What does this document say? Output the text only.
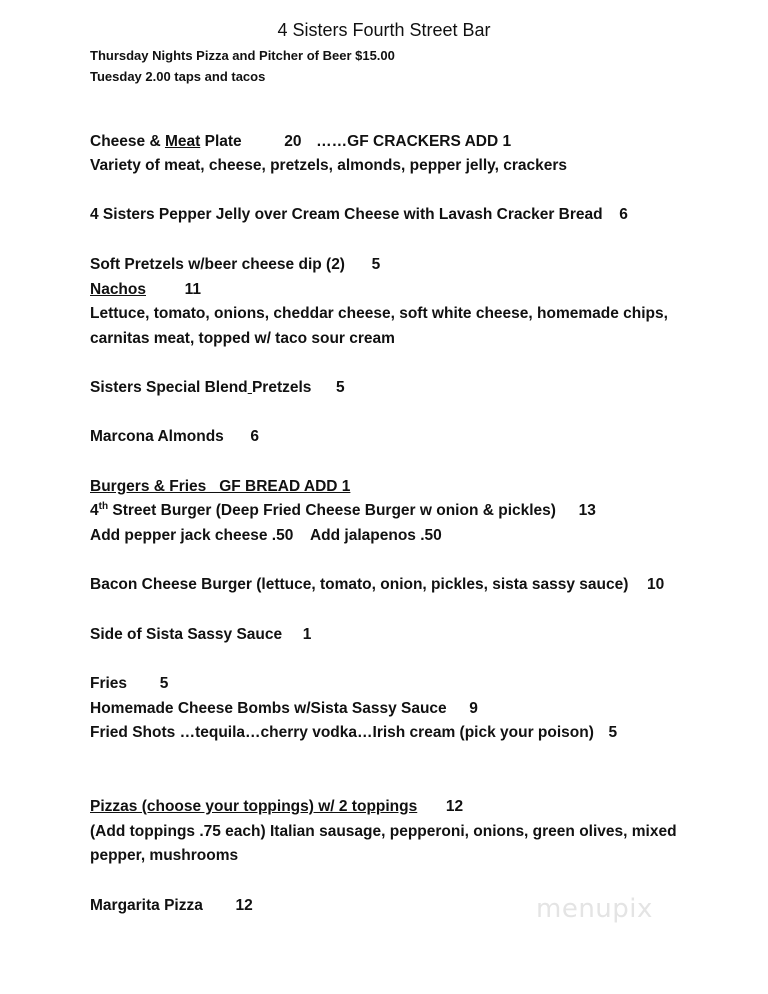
4 Sisters Fourth Street Bar
Thursday Nights Pizza and Pitcher of Beer $15.00
Tuesday 2.00 taps and tacos
Cheese & Meat Plate	20 ……GF CRACKERS ADD 1
Variety of meat, cheese, pretzels, almonds, pepper jelly, crackers
4 Sisters Pepper Jelly over Cream Cheese with Lavash Cracker Bread 6
Soft Pretzels w/beer cheese dip (2) 5
Nachos 11
Lettuce, tomato, onions, cheddar cheese, soft white cheese, homemade chips,
carnitas meat, topped w/ taco sour cream
Sisters Special Blend Pretzels 5
Marcona Almonds 6
Burgers & Fries   GF BREAD ADD 1
4th Street Burger (Deep Fried Cheese Burger w onion & pickles) 13
Add pepper jack cheese .50    Add jalapenos .50
Bacon Cheese Burger (lettuce, tomato, onion, pickles, sista sassy sauce) 10
Side of Sista Sassy Sauce 1
Fries 5
Homemade Cheese Bombs w/Sista Sassy Sauce 9
Fried Shots …tequila…cherry vodka…Irish cream (pick your poison) 5
Pizzas (choose your toppings) w/ 2 toppings 12
(Add toppings .75 each) Italian sausage, pepperoni, onions, green olives, mixed
pepper, mushrooms
Margarita Pizza 12	menupix
